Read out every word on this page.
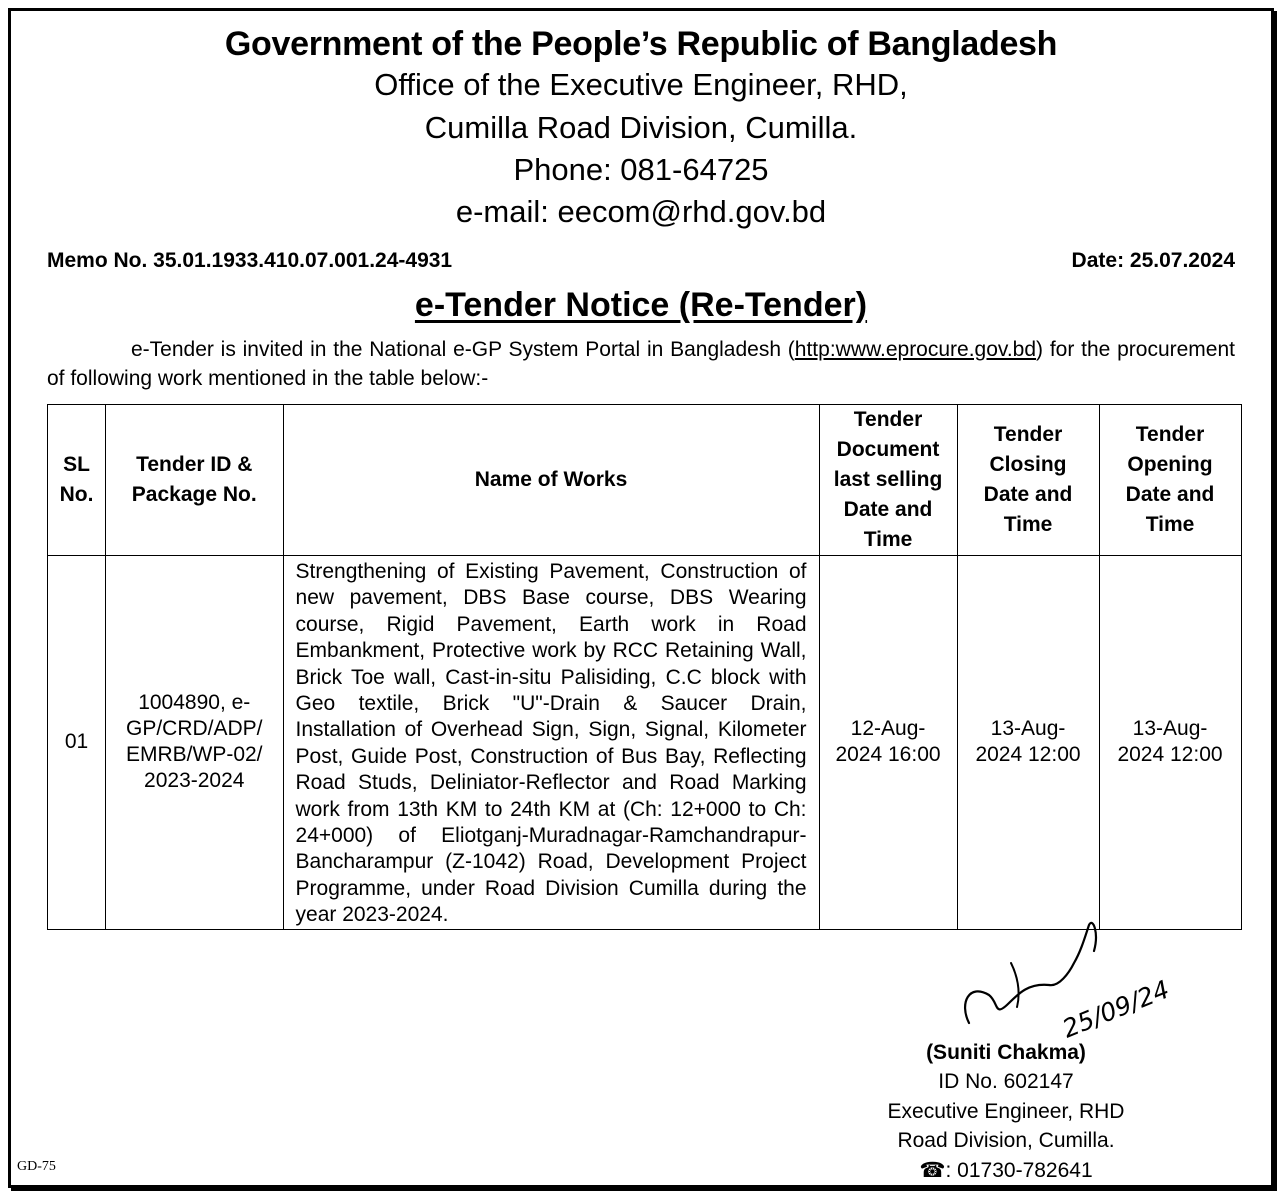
Government of the People’s Republic of Bangladesh
Office of the Executive Engineer, RHD,
Cumilla Road Division, Cumilla.
Phone: 081-64725
e-mail: eecom@rhd.gov.bd
Memo No. 35.01.1933.410.07.001.24-4931	Date: 25.07.2024
e-Tender Notice (Re-Tender)
e-Tender is invited in the National e-GP System Portal in Bangladesh (http:www.eprocure.gov.bd) for the procurement of following work mentioned in the table below:-
SL No.	Tender ID & Package No.	Name of Works	Tender Document last selling Date and Time	Tender Closing Date and Time	Tender Opening Date and Time
01	1004890, e-GP/CRD/ADP/ EMRB/WP-02/ 2023-2024	Strengthening of Existing Pavement, Construction of new pavement, DBS Base course, DBS Wearing course, Rigid Pavement, Earth work in Road Embankment, Protective work by RCC Retaining Wall, Brick Toe wall, Cast-in-situ Palisiding, C.C block with Geo textile, Brick "U"-Drain & Saucer Drain, Installation of Overhead Sign, Sign, Signal, Kilometer Post, Guide Post, Construction of Bus Bay, Reflecting Road Studs, Deliniator-Reflector and Road Marking work from 13th KM to 24th KM at (Ch: 12+000 to Ch: 24+000) of Eliotganj-Muradnagar-Ramchandrapur-Bancharampur (Z-1042) Road, Development Project Programme, under Road Division Cumilla during the year 2023-2024.	12-Aug-2024 16:00	13-Aug-2024 12:00	13-Aug-2024 12:00
25/09/24
(Suniti Chakma)
ID No. 602147
Executive Engineer, RHD
Road Division, Cumilla.
☎: 01730-782641
GD-75
